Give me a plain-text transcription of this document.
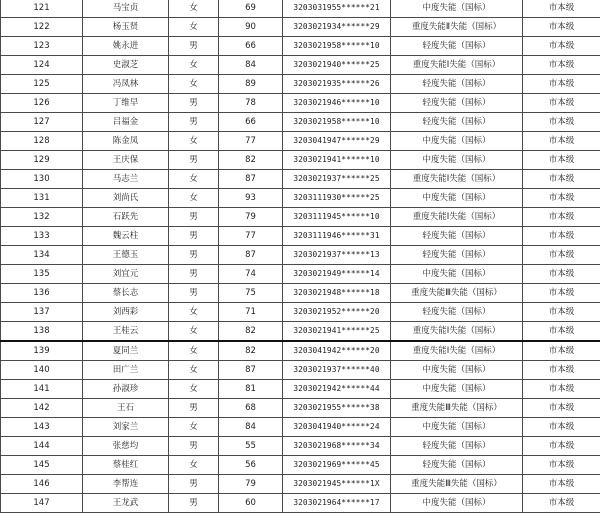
121	马宝贞	女	69	3203031955******21	中度失能（国标）	市本级
122	杨玉贤	女	90	3203021934******29	重度失能Ⅱ失能（国标）	市本级
123	姚永进	男	66	3203021958******10	轻度失能（国标）	市本级
124	史淑芝	女	84	3203021940******25	重度失能Ⅰ失能（国标）	市本级
125	冯凤林	女	89	3203021935******26	轻度失能（国标）	市本级
126	丁维早	男	78	3203021946******10	轻度失能（国标）	市本级
127	吕福金	男	66	3203021958******10	轻度失能（国标）	市本级
128	陈金凤	女	77	3203041947******29	中度失能（国标）	市本级
129	王庆保	男	82	3203021941******10	中度失能（国标）	市本级
130	马志兰	女	87	3203021937******25	重度失能Ⅰ失能（国标）	市本级
131	刘尚氏	女	93	3203111930******25	中度失能（国标）	市本级
132	石跃先	男	79	3203111945******10	重度失能Ⅰ失能（国标）	市本级
133	魏云柱	男	77	3203111946******31	轻度失能（国标）	市本级
134	王德玉	男	87	3203021937******13	轻度失能（国标）	市本级
135	刘宜元	男	74	3203021949******14	中度失能（国标）	市本级
136	蔡长志	男	75	3203021948******18	重度失能Ⅲ失能（国标）	市本级
137	刘西彩	女	71	3203021952******20	轻度失能（国标）	市本级
138	王桂云	女	82	3203021941******25	重度失能Ⅰ失能（国标）	市本级
139	夏同兰	女	82	3203041942******20	重度失能Ⅰ失能（国标）	市本级
140	田广兰	女	87	3203021937******40	中度失能（国标）	市本级
141	孙淑珍	女	81	3203021942******44	中度失能（国标）	市本级
142	王石	男	68	3203021955******38	重度失能Ⅲ失能（国标）	市本级
143	刘家兰	女	84	3203041940******24	中度失能（国标）	市本级
144	张慈均	男	55	3203021968******34	轻度失能（国标）	市本级
145	蔡桂红	女	56	3203021969******45	轻度失能（国标）	市本级
146	李帮连	男	79	3203021945******1X	重度失能Ⅲ失能（国标）	市本级
147	王龙武	男	60	3203021964******17	中度失能（国标）	市本级
